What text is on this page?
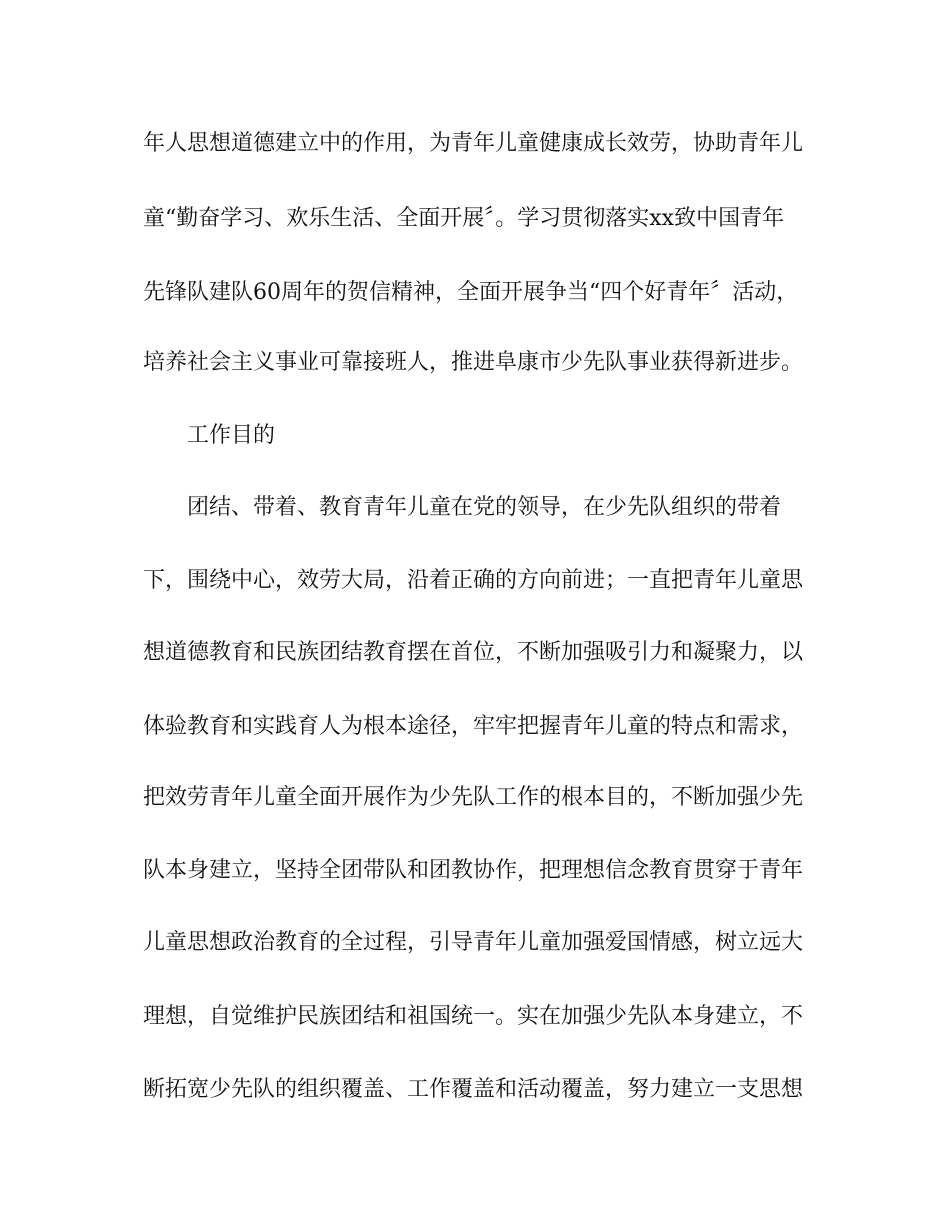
年人思想道德建立中的作用，为青年儿童健康成长效劳，协助青年儿

童“勤奋学习、欢乐生活、全面开展〞。学习贯彻落实xx致中国青年

先锋队建队60周年的贺信精神，全面开展争当“四个好青年〞活动，

培养社会主义事业可靠接班人，推进阜康市少先队事业获得新进步。

工作目的

团结、带着、教育青年儿童在党的领导，在少先队组织的带着

下，围绕中心，效劳大局，沿着正确的方向前进；一直把青年儿童思

想道德教育和民族团结教育摆在首位，不断加强吸引力和凝聚力，以

体验教育和实践育人为根本途径，牢牢把握青年儿童的特点和需求，

把效劳青年儿童全面开展作为少先队工作的根本目的，不断加强少先

队本身建立，坚持全团带队和团教协作，把理想信念教育贯穿于青年

儿童思想政治教育的全过程，引导青年儿童加强爱国情感，树立远大

理想，自觉维护民族团结和祖国统一。实在加强少先队本身建立，不

断拓宽少先队的组织覆盖、工作覆盖和活动覆盖，努力建立一支思想
